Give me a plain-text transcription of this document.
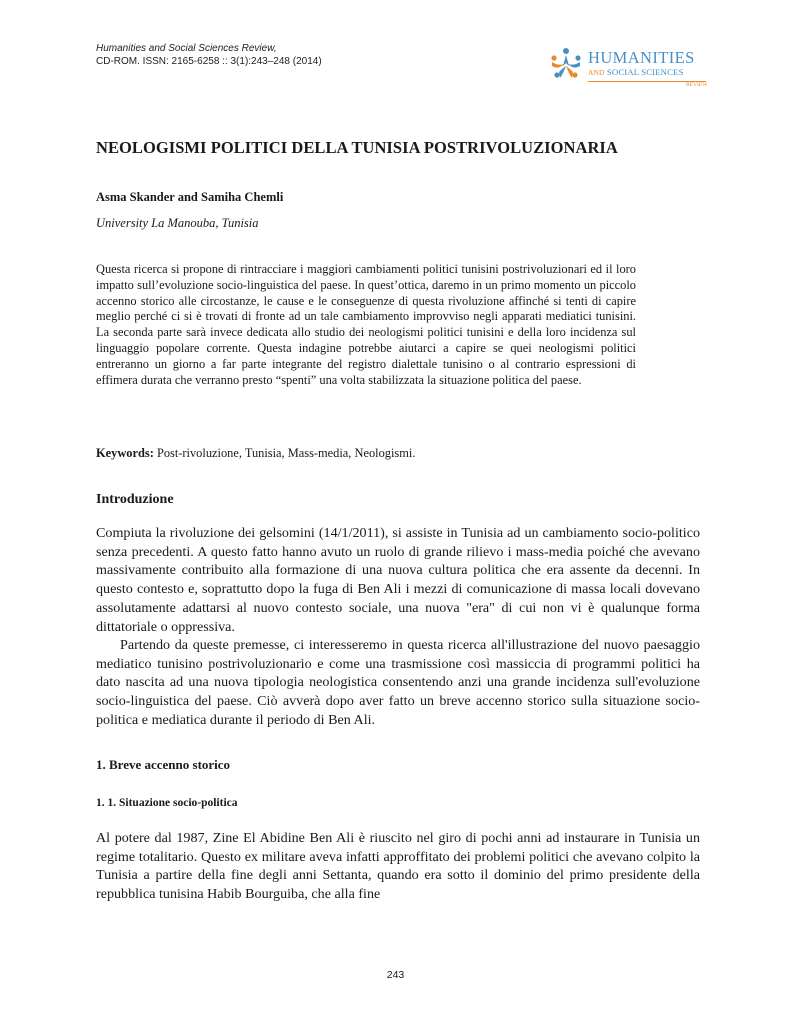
Humanities and Social Sciences Review,
CD-ROM. ISSN: 2165-6258 :: 3(1):243–248 (2014)	HUMANITIES
AND SOCIAL SCIENCES
REVIEW
NEOLOGISMI POLITICI DELLA TUNISIA POSTRIVOLUZIONARIA
Asma Skander and Samiha Chemli
University La Manouba, Tunisia

Questa ricerca si propone di rintracciare i maggiori cambiamenti politici tunisini postrivoluzionari ed il loro impatto sull’evoluzione socio-linguistica del paese. In quest’ottica, daremo in un primo momento un piccolo accenno storico alle circostanze, le cause e le conseguenze di questa rivoluzione affinché si tenti di capire meglio perché ci si è trovati di fronte ad un tale cambiamento improvviso negli apparati mediatici tunisini. La seconda parte sarà invece dedicata allo studio dei neologismi politici tunisini e della loro incidenza sul linguaggio popolare corrente. Questa indagine potrebbe aiutarci a capire se quei neologismi politici entreranno un giorno a far parte integrante del registro dialettale tunisino o al contrario espressioni di effimera durata che verranno presto “spenti” una volta stabilizzata la situazione politica del paese.

Keywords: Post-rivoluzione, Tunisia, Mass-media, Neologismi.
Introduzione

Compiuta la rivoluzione dei gelsomini (14/1/2011), si assiste in Tunisia ad un cambiamento socio-politico senza precedenti. A questo fatto hanno avuto un ruolo di grande rilievo i mass-media poiché che avevano massivamente contribuito alla formazione di una nuova cultura politica che era assente da decenni. In questo contesto e, soprattutto dopo la fuga di Ben Ali i mezzi di comunicazione di massa locali dovevano assolutamente adattarsi al nuovo contesto sociale, una nuova "era" di cui non vi è qualunque forma dittatoriale o oppressiva.

Partendo da queste premesse, ci interesseremo in questa ricerca all'illustrazione del nuovo paesaggio mediatico tunisino postrivoluzionario e come una trasmissione così massiccia di programmi politici ha dato nascita ad una nuova tipologia neologistica consentendo anzi una grande incidenza sull'evoluzione socio-linguistica del paese. Ciò avverà dopo aver fatto un breve accenno storico sulla situazione socio-politica e mediatica durante il periodo di Ben Ali.

1. Breve accenno storico
1. 1. Situazione socio-politica

Al potere dal 1987, Zine El Abidine Ben Ali è riuscito nel giro di pochi anni ad instaurare in Tunisia un regime totalitario. Questo ex militare aveva infatti approffitato dei problemi politici che avevano colpito la Tunisia a partire della fine degli anni Settanta, quando era sotto il dominio del primo presidente della repubblica tunisina Habib Bourguiba, che alla fine

243
